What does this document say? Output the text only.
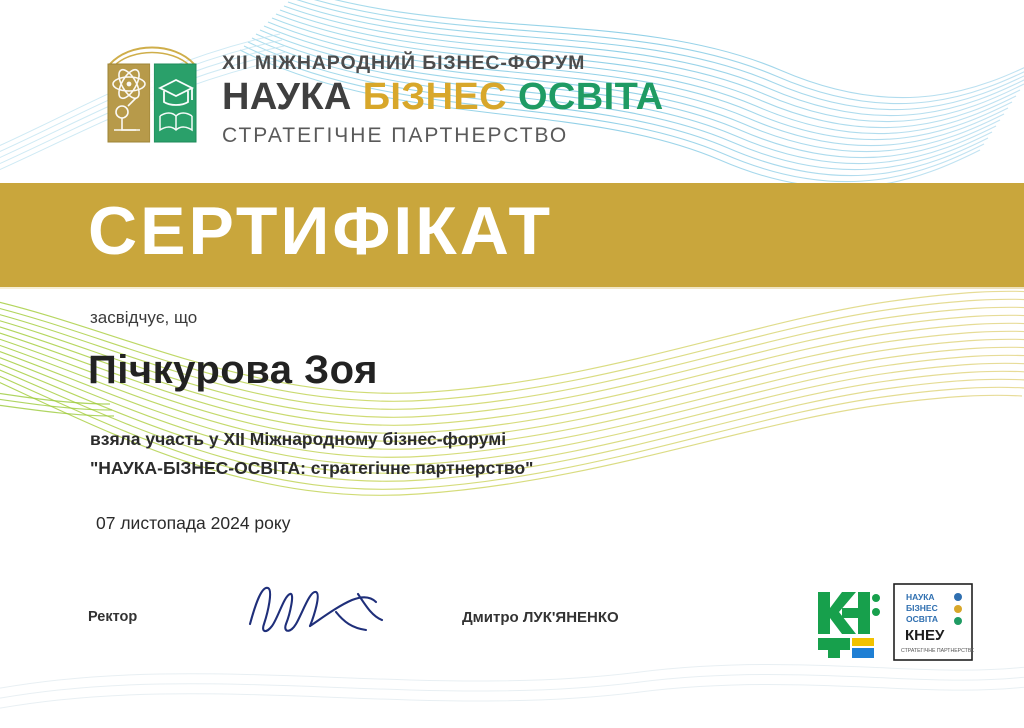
XII МІЖНАРОДНИЙ БІЗНЕС-ФОРУМ
НАУКА БІЗНЕС ОСВІТА
СТРАТЕГІЧНЕ ПАРТНЕРСТВО
СЕРТИФІКАТ
засвідчує, що
Пічкурова Зоя
взяла участь у XII Міжнародному бізнес-форумі
"НАУКА-БІЗНЕС-ОСВІТА: стратегічне партнерство"
07 листопада 2024 року
Ректор	Дмитро ЛУК'ЯНЕНКО
НАУКА
БІЗНЕС
ОСВІТА
КНЕУ
СТРАТЕГІЧНЕ ПАРТНЕРСТВО
